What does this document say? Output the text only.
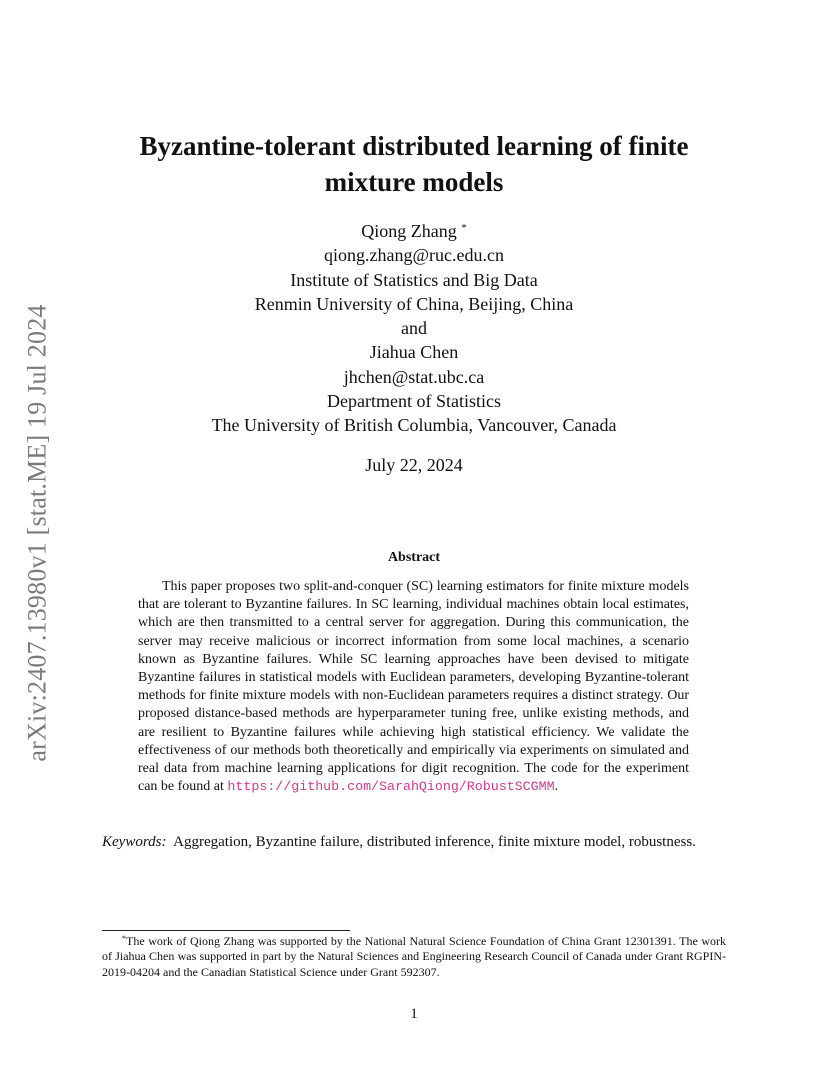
arXiv:2407.13980v1 [stat.ME] 19 Jul 2024
Byzantine-tolerant distributed learning of finite mixture models
Qiong Zhang *
qiong.zhang@ruc.edu.cn
Institute of Statistics and Big Data
Renmin University of China, Beijing, China
and
Jiahua Chen
jhchen@stat.ubc.ca
Department of Statistics
The University of British Columbia, Vancouver, Canada
July 22, 2024
Abstract

This paper proposes two split-and-conquer (SC) learning estimators for finite mixture models that are tolerant to Byzantine failures. In SC learning, individual machines obtain local estimates, which are then transmitted to a central server for aggregation. During this communication, the server may receive malicious or incorrect information from some local machines, a scenario known as Byzantine failures. While SC learning approaches have been devised to mitigate Byzantine failures in statistical models with Euclidean parameters, developing Byzantine-tolerant methods for finite mixture models with non-Euclidean parameters requires a distinct strategy. Our proposed distance-based methods are hyperparameter tuning free, unlike existing methods, and are resilient to Byzantine failures while achieving high statistical efficiency. We validate the effectiveness of our methods both theoretically and empirically via experiments on simulated and real data from machine learning applications for digit recognition. The code for the experiment can be found at https://github.com/SarahQiong/RobustSCGMM.

Keywords: Aggregation, Byzantine failure, distributed inference, finite mixture model, robustness.

*The work of Qiong Zhang was supported by the National Natural Science Foundation of China Grant 12301391. The work of Jiahua Chen was supported in part by the Natural Sciences and Engineering Research Council of Canada under Grant RGPIN-2019-04204 and the Canadian Statistical Science under Grant 592307.

1
